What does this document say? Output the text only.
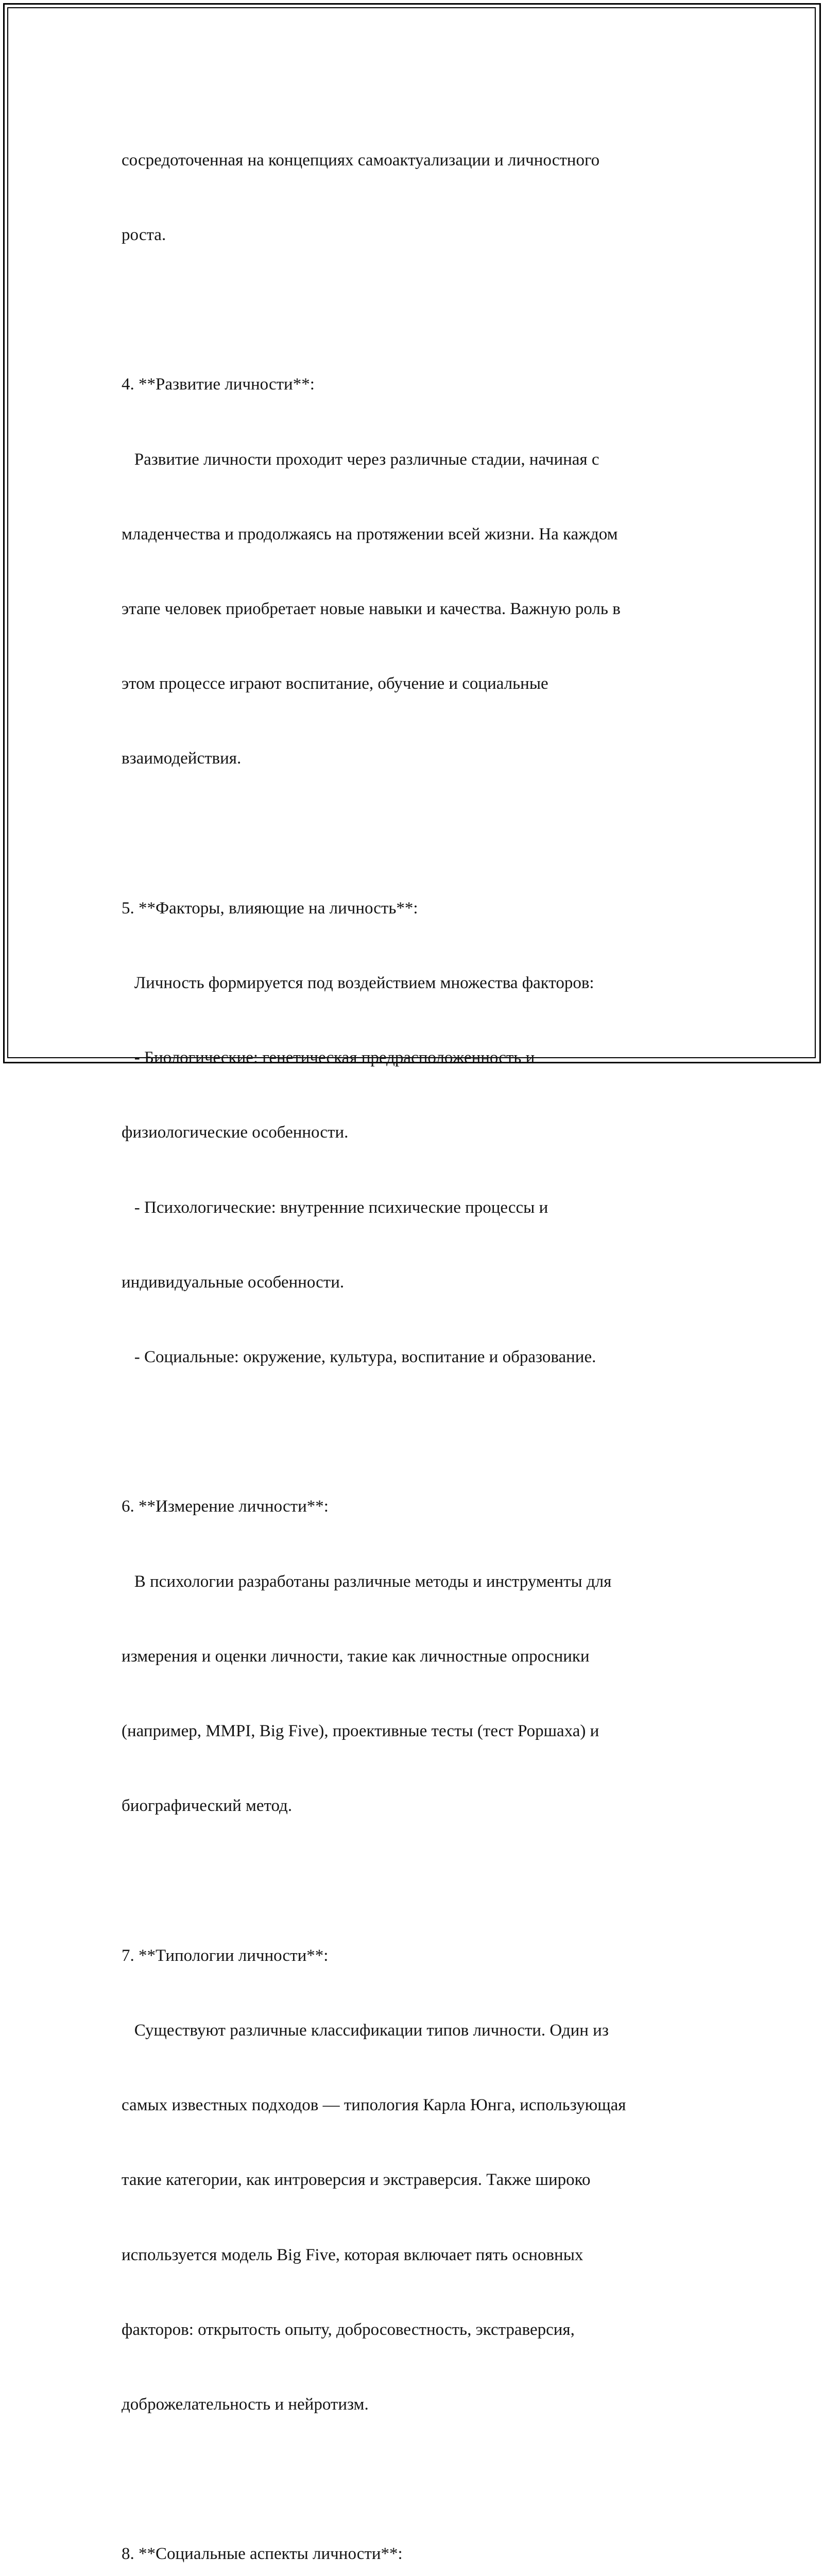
сосредоточенная на концепциях самоактуализации и личностного

роста.

4. **Развитие личности**:

Развитие личности проходит через различные стадии, начиная с

младенчества и продолжаясь на протяжении всей жизни. На каждом

этапе человек приобретает новые навыки и качества. Важную роль в

этом процессе играют воспитание, обучение и социальные

взаимодействия.

5. **Факторы, влияющие на личность**:

Личность формируется под воздействием множества факторов:

- Биологические: генетическая предрасположенность и

физиологические особенности.

- Психологические: внутренние психические процессы и

индивидуальные особенности.

- Социальные: окружение, культура, воспитание и образование.

6. **Измерение личности**:

В психологии разработаны различные методы и инструменты для

измерения и оценки личности, такие как личностные опросники

(например, MMPI, Big Five), проективные тесты (тест Роршаха) и

биографический метод.

7. **Типологии личности**:

Существуют различные классификации типов личности. Один из

самых известных подходов — типология Карла Юнга, использующая

такие категории, как интроверсия и экстраверсия. Также широко

используется модель Big Five, которая включает пять основных

факторов: открытость опыту, добросовестность, экстраверсия,

доброжелательность и нейротизм.

8. **Социальные аспекты личности**:
